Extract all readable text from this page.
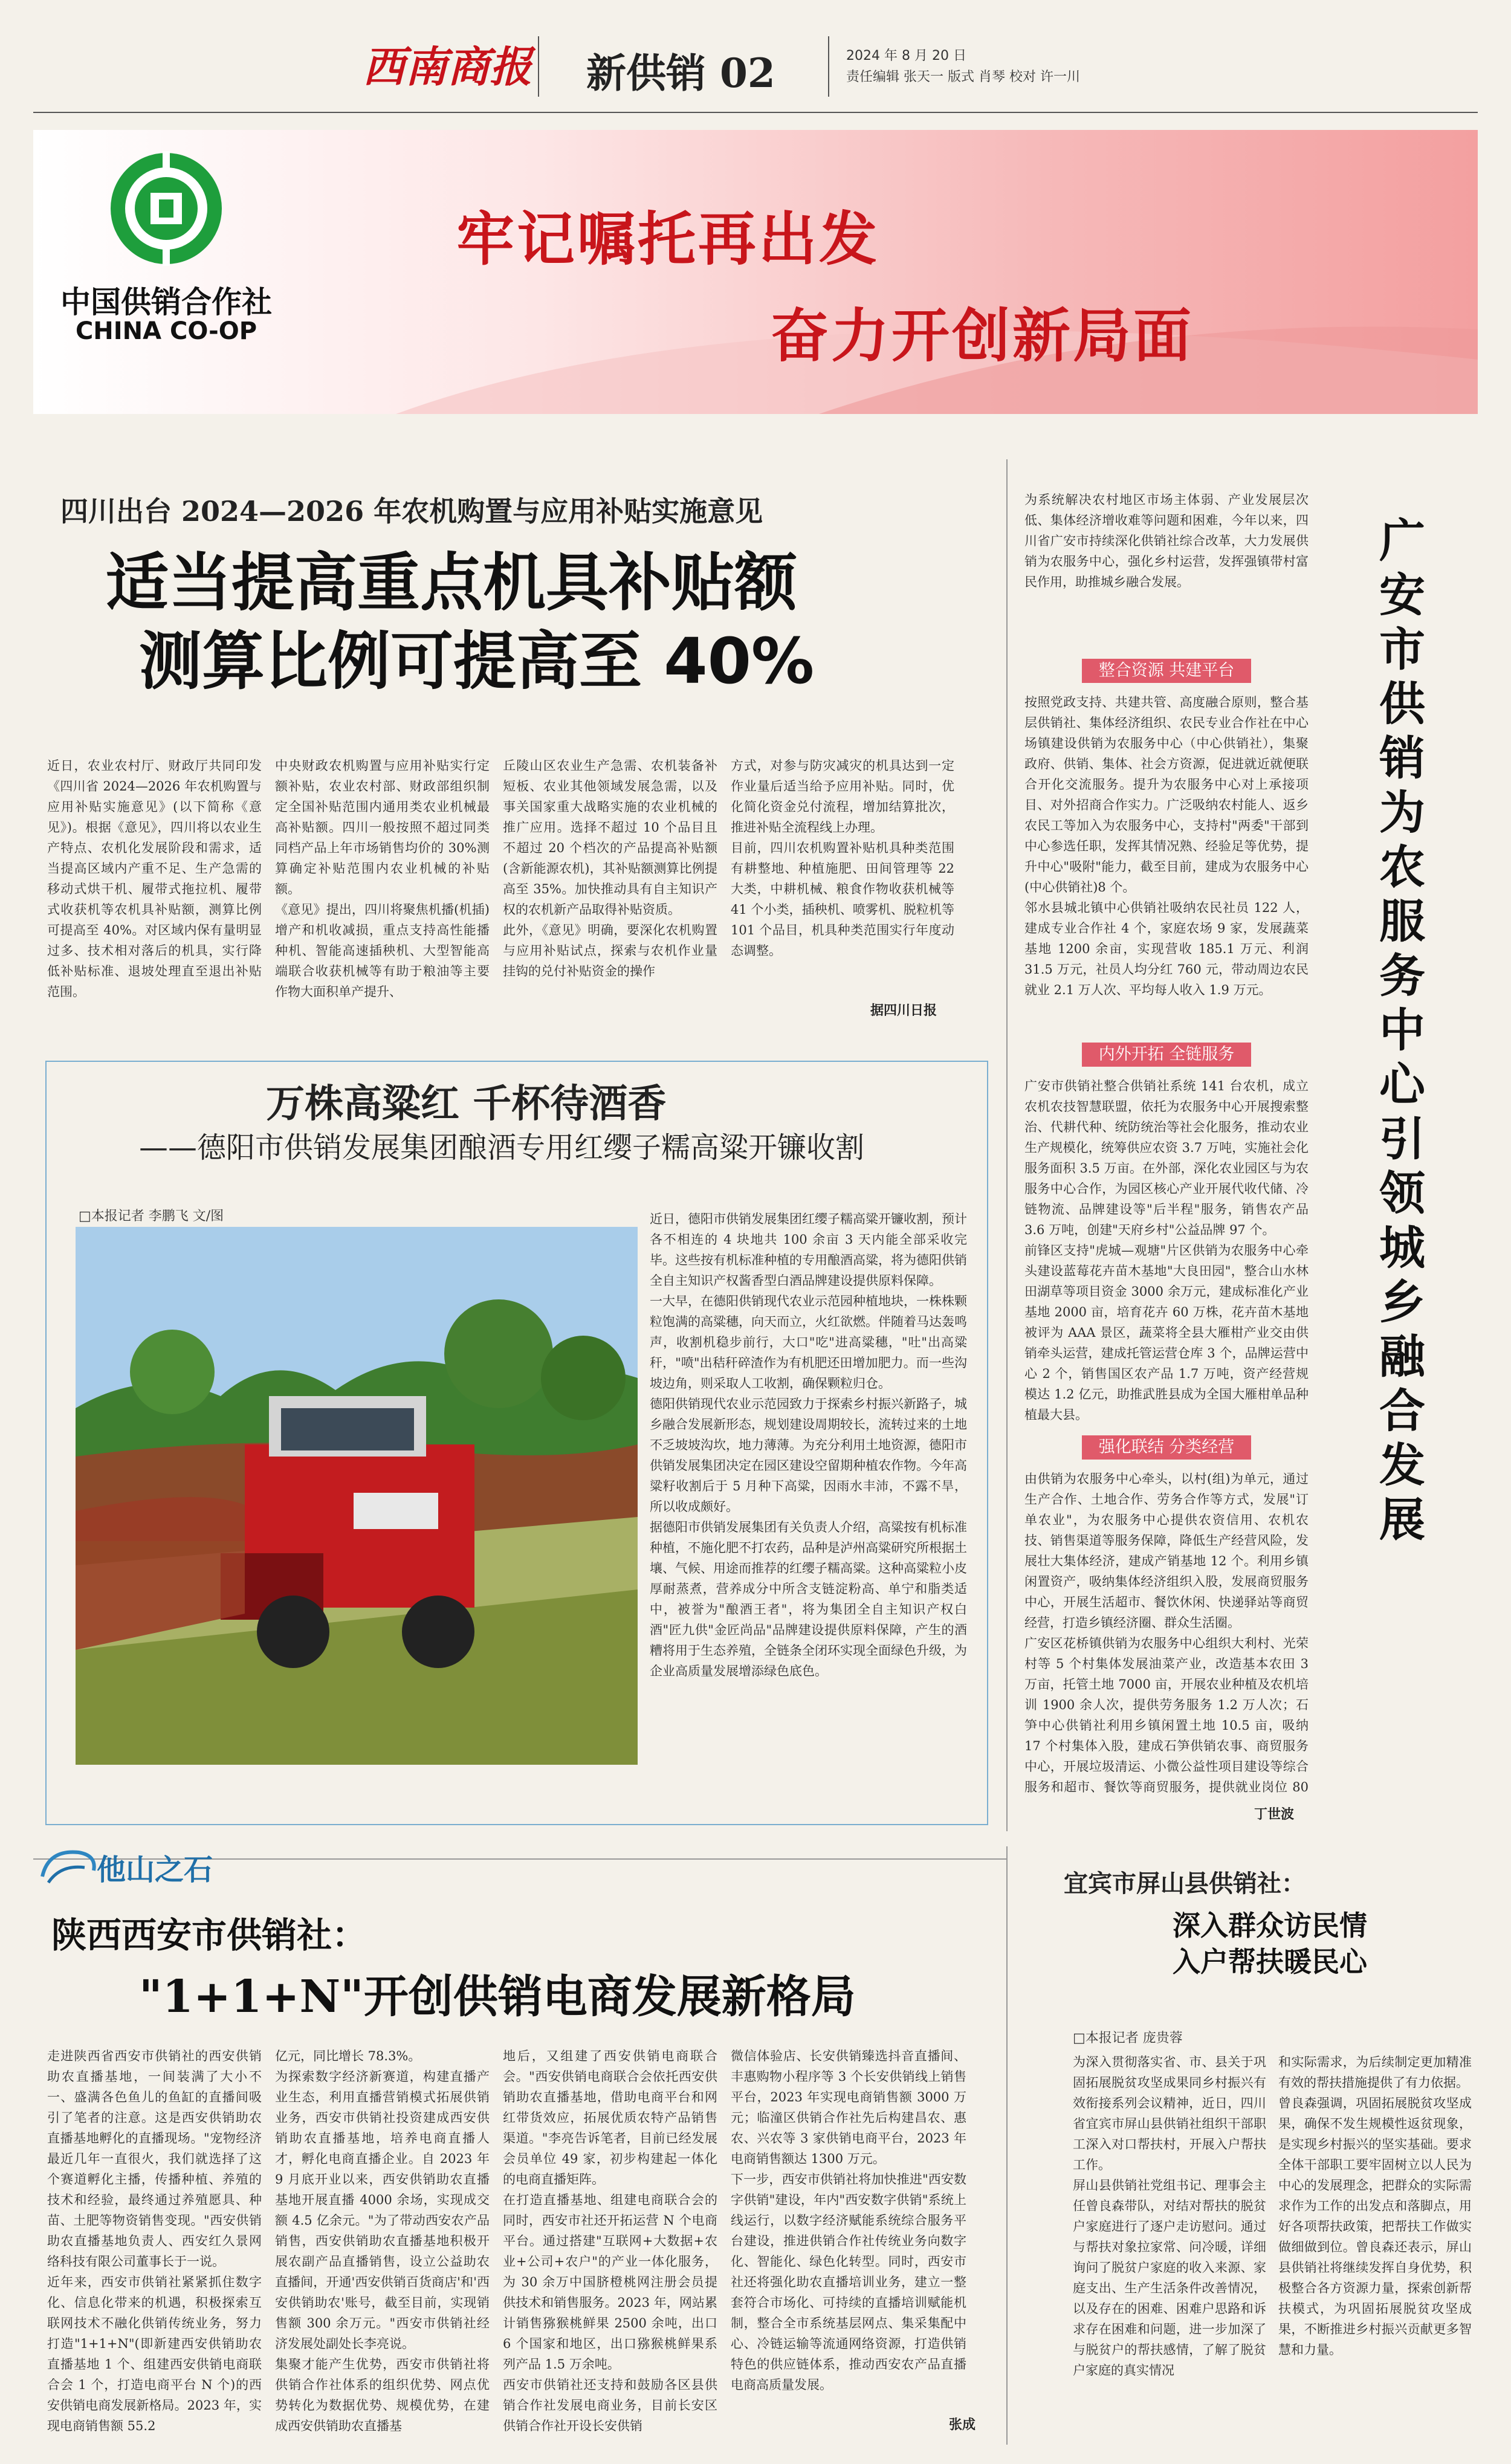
西南商报 新供销 02	2024 年 8 月 20 日
责任编辑 张天一 版式 肖琴 校对 许一川
中国供销合作社
CHINA CO-OP
牢记嘱托再出发
奋力开创新局面
四川出台 2024—2026 年农机购置与应用补贴实施意见
适当提高重点机具补贴额
测算比例可提高至 40%
近日，农业农村厅、财政厅共同印发《四川省 2024—2026 年农机购置与应用补贴实施意见》(以下简称《意见》)。根据《意见》，四川将以农业生产特点、农机化发展阶段和需求，适当提高区域内产重不足、生产急需的移动式烘干机、履带式拖拉机、履带式收获机等农机具补贴额，测算比例可提高至 40%。对区域内保有量明显过多、技术相对落后的机具，实行降低补贴标准、退坡处理直至退出补贴范围。
中央财政农机购置与应用补贴实行定额补贴，农业农村部、财政部组织制定全国补贴范围内通用类农业机械最高补贴额。四川一般按照不超过同类同档产品上年市场销售均价的 30%测算确定补贴范围内农业机械的补贴额。
《意见》提出，四川将聚焦机播(机插)增产和机收减损，重点支持高性能播种机、智能高速插秧机、大型智能高端联合收获机械等有助于粮油等主要作物大面积单产提升、
丘陵山区农业生产急需、农机装备补短板、农业其他领域发展急需，以及事关国家重大战略实施的农业机械的推广应用。选择不超过 10 个品目且不超过 20 个档次的产品提高补贴额(含新能源农机)，其补贴额测算比例提高至 35%。加快推动具有自主知识产权的农机新产品取得补贴资质。
此外，《意见》明确，要深化农机购置与应用补贴试点，探索与农机作业量挂钩的兑付补贴资金的操作
方式，对参与防灾减灾的机具达到一定作业量后适当给予应用补贴。同时，优化简化资金兑付流程，增加结算批次，推进补贴全流程线上办理。
目前，四川农机购置补贴机具种类范围有耕整地、种植施肥、田间管理等 22 大类，中耕机械、粮食作物收获机械等 41 个小类，插秧机、喷雾机、脱粒机等 101 个品目，机具种类范围实行年度动态调整。
据四川日报
万株高粱红 千杯待酒香
——德阳市供销发展集团酿酒专用红缨子糯高粱开镰收割
□本报记者 李鹏飞 文/图	近日，德阳市供销发展集团红缨子糯高粱开镰收割，预计各不相连的 4 块地共 100 余亩 3 天内能全部采收完毕。这些按有机标准种植的专用酿酒高粱，将为德阳供销全自主知识产权酱香型白酒品牌建设提供原料保障。
一大早，在德阳供销现代农业示范园种植地块，一株株颗粒饱满的高粱穗，向天而立，火红欲燃。伴随着马达轰鸣声，收割机稳步前行，大口"吃"进高粱穗，"吐"出高粱秆，"喷"出秸秆碎渣作为有机肥还田增加肥力。而一些沟坡边角，则采取人工收割，确保颗粒归仓。
德阳供销现代农业示范园致力于探索乡村振兴新路子，城乡融合发展新形态，规划建设周期较长，流转过来的土地不乏坡坡沟坎，地力薄薄。为充分利用土地资源，德阳市供销发展集团决定在园区建设空留期种植农作物。今年高粱籽收割后于 5 月种下高粱，因雨水丰沛，不露不旱，所以收成颇好。
据德阳市供销发展集团有关负责人介绍，高粱按有机标准种植，不施化肥不打农药，品种是泸州高粱研究所根据土壤、气候、用途而推荐的红缨子糯高粱。这种高粱粒小皮厚耐蒸煮，营养成分中所含支链淀粉高、单宁和脂类适中，被誉为"酿酒王者"，将为集团全自主知识产权白酒"匠九供"金匠尚品"品牌建设提供原料保障，产生的酒糟将用于生态养殖，全链条全闭环实现全面绿色升级，为企业高质量发展增添绿色底色。
为系统解决农村地区市场主体弱、产业发展层次低、集体经济增收难等问题和困难，今年以来，四川省广安市持续深化供销社综合改革，大力发展供销为农服务中心，强化乡村运营，发挥强镇带村富民作用，助推城乡融合发展。
整合资源 共建平台
按照党政支持、共建共管、高度融合原则，整合基层供销社、集体经济组织、农民专业合作社在中心场镇建设供销为农服务中心（中心供销社），集聚政府、供销、集体、社会方资源，促进就近就便联合开化交流服务。提升为农服务中心对上承接项目、对外招商合作实力。广泛吸纳农村能人、返乡农民工等加入为农服务中心，支持村"两委"干部到中心参选任职，发挥其情况熟、经验足等优势，提升中心"吸附"能力，截至目前，建成为农服务中心(中心供销社)8 个。
邻水县城北镇中心供销社吸纳农民社员 122 人，建成专业合作社 4 个，家庭农场 9 家，发展蔬菜基地 1200 余亩，实现营收 185.1 万元、利润 31.5 万元，社员人均分红 760 元，带动周边农民就业 2.1 万人次、平均每人收入 1.9 万元。
内外开拓 全链服务
广安市供销社整合供销社系统 141 台农机，成立农机农技智慧联盟，依托为农服务中心开展搜索整治、代耕代种、统防统治等社会化服务，推动农业生产规模化，统筹供应农资 3.7 万吨，实施社会化服务面积 3.5 万亩。在外部，深化农业园区与为农服务中心合作，为园区核心产业开展代收代储、冷链物流、品牌建设等"后半程"服务，销售农产品 3.6 万吨，创建"天府乡村"公益品牌 97 个。
前锋区支持"虎城—观塘"片区供销为农服务中心牵头建设蓝莓花卉苗木基地"大良田园"，整合山水林田湖草等项目资金 3000 余万元，建成标准化产业基地 2000 亩，培育花卉 60 万株，花卉苗木基地被评为 AAA 景区，蔬菜将全县大雁柑产业交由供销牵头运营，建成托管运营仓库 3 个，品牌运营中心 2 个，销售国区农产品 1.7 万吨，资产经营规模达 1.2 亿元，助推武胜县成为全国大雁柑单品种植最大县。
强化联结 分类经营
由供销为农服务中心牵头，以村(组)为单元，通过生产合作、土地合作、劳务合作等方式，发展"订单农业"，为农服务中心提供农资信用、农机农技、销售渠道等服务保障，降低生产经营风险，发展壮大集体经济，建成产销基地 12 个。利用乡镇闲置资产，吸纳集体经济组织入股，发展商贸服务中心，开展生活超市、餐饮休闲、快递驿站等商贸经营，打造乡镇经济圈、群众生活圈。
广安区花桥镇供销为农服务中心组织大利村、光荣村等 5 个村集体发展油菜产业，改造基本农田 3 万亩，托管土地 7000 亩，开展农业种植及农机培训 1900 余人次，提供劳务服务 1.2 万人次；石笋中心供销社利用乡镇闲置土地 10.5 亩，吸纳 17 个村集体入股，建成石笋供销农事、商贸服务中心，开展垃圾清运、小微公益性项目建设等综合服务和超市、餐饮等商贸服务，提供就业岗位 80
丁世波
广安市供销为农服务中心引领城乡融合发展
他山之石
陕西西安市供销社：
"1+1+N"开创供销电商发展新格局
走进陕西省西安市供销社的西安供销助农直播基地，一间装满了大小不一、盛满各色鱼儿的鱼缸的直播间吸引了笔者的注意。这是西安供销助农直播基地孵化的直播现场。"宠物经济最近几年一直很火，我们就选择了这个赛道孵化主播，传播种植、养殖的技术和经验，最终通过养殖愿具、种苗、土肥等物资销售变现。"西安供销助农直播基地负责人、西安红久景网络科技有限公司董事长于一说。
近年来，西安市供销社紧紧抓住数字化、信息化带来的机遇，积极探索互联网技术不融化供销传统业务，努力打造"1+1+N"(即新建西安供销助农直播基地 1 个、组建西安供销电商联合会 1 个，打造电商平台 N 个)的西安供销电商发展新格局。2023 年，实现电商销售额 55.2
亿元，同比增长 78.3%。
为探索数字经济新赛道，构建直播产业生态，利用直播营销模式拓展供销业务，西安市供销社投资建成西安供销助农直播基地，培养电商直播人才，孵化电商直播企业。自 2023 年 9 月底开业以来，西安供销助农直播基地开展直播 4000 余场，实现成交额 4.5 亿余元。"为了带动西安农产品销售，西安供销助农直播基地积极开展农副产品直播销售，设立公益助农直播间，开通'西安供销百货商店'和'西安供销助农'账号，截至目前，实现销售额 300 余万元。"西安市供销社经济发展处副处长李亮说。
集聚才能产生优势，西安市供销社将供销合作社体系的组织优势、网点优势转化为数据优势、规模优势，在建成西安供销助农直播基
地后，又组建了西安供销电商联合会。"西安供销电商联合会依托西安供销助农直播基地，借助电商平台和网红带货效应，拓展优质农特产品销售渠道。"李亮告诉笔者，目前已经发展会员单位 49 家，初步构建起一体化的电商直播矩阵。
在打造直播基地、组建电商联合会的同时，西安市社还开拓运营 N 个电商平台。通过搭建"互联网+大数据+农业+公司+农户"的产业一体化服务，为 30 余万中国脐橙桃网注册会员提供技术和销售服务。2023 年，网站累计销售猕猴桃鲜果 2500 余吨，出口 6 个国家和地区，出口猕猴桃鲜果系列产品 1.5 万余吨。
西安市供销社还支持和鼓励各区县供销合作社发展电商业务，目前长安区供销合作社开设长安供销
微信体验店、长安供销臻选抖音直播间、丰惠购物小程序等 3 个长安供销线上销售平台，2023 年实现电商销售额 3000 万元；临潼区供销合作社先后构建昌农、惠农、兴农等 3 家供销电商平台，2023 年电商销售额达 1300 万元。
下一步，西安市供销社将加快推进"西安数字供销"建设，年内"西安数字供销"系统上线运行，以数字经济赋能系统综合服务平台建设，推进供销合作社传统业务向数字化、智能化、绿色化转型。同时，西安市社还将强化助农直播培训业务，建立一整套符合市场化、可持续的直播培训赋能机制，整合全市系统基层网点、集采集配中心、冷链运输等流通网络资源，打造供销特色的供应链体系，推动西安农产品直播电商高质量发展。
张成
宜宾市屏山县供销社：
深入群众访民情
入户帮扶暖民心
□本报记者 庞贵蓉
为深入贯彻落实省、市、县关于巩固拓展脱贫攻坚成果同乡村振兴有效衔接系列会议精神，近日，四川省宜宾市屏山县供销社组织干部职工深入对口帮扶村，开展入户帮扶工作。
屏山县供销社党组书记、理事会主任曾良森带队，对结对帮扶的脱贫户家庭进行了逐户走访慰问。通过与帮扶对象拉家常、问冷暖，详细询问了脱贫户家庭的收入来源、家庭支出、生产生活条件改善情况，以及存在的困难、困难户思路和诉求存在困难和问题，进一步加深了与脱贫户的帮扶感情，了解了脱贫户家庭的真实情况
和实际需求，为后续制定更加精准有效的帮扶措施提供了有力依据。
曾良森强调，巩固拓展脱贫攻坚成果，确保不发生规模性返贫现象，是实现乡村振兴的坚实基础。要求全体干部职工要牢固树立以人民为中心的发展理念，把群众的实际需求作为工作的出发点和落脚点，用好各项帮扶政策，把帮扶工作做实做细做到位。曾良森还表示，屏山县供销社将继续发挥自身优势，积极整合各方资源力量，探索创新帮扶模式，为巩固拓展脱贫攻坚成果，不断推进乡村振兴贡献更多智慧和力量。
